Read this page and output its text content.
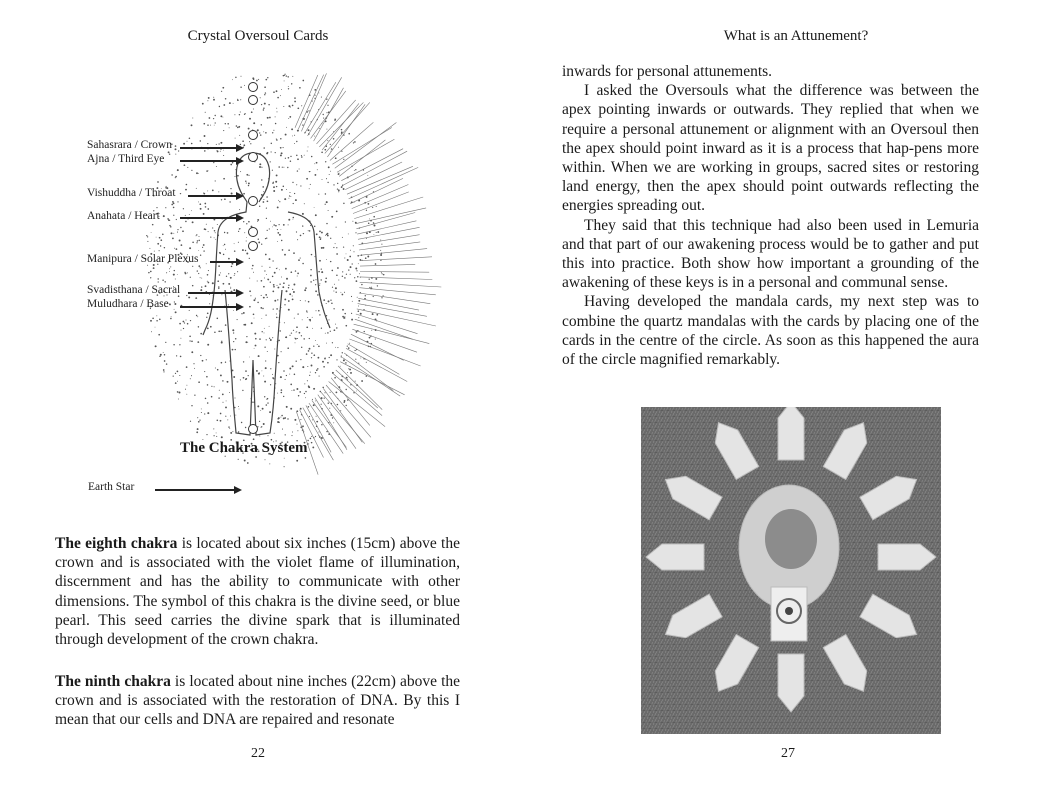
Crystal Oversoul Cards
Sahasrara / Crown
Ajna / Third Eye
Vishuddha / Throat
Anahata / Heart
Manipura / Solar Plexus
Svadisthana / Sacral
Muludhara / Base
The Chakra System
Earth Star
The eighth chakra is located about six inches (15cm) above the crown and is associated with the violet flame of illumination, discernment and has the ability to communicate with other dimensions. The symbol of this chakra is the divine seed, or blue pearl. This seed carries the divine spark that is illuminated through development of the crown chakra.
The ninth chakra is located about nine inches (22cm) above the crown and is associated with the restoration of DNA. By this I mean that our cells and DNA are repaired and resonate
22
What is an Attunement?

inwards for personal attunements.

I asked the Oversouls what the difference was between the apex pointing inwards or outwards. They replied that when we require a personal attunement or alignment with an Oversoul then the apex should point inward as it is a process that hap-pens more within. When we are working in groups, sacred sites or restoring land energy, then the apex should point outwards reflecting the energies spreading out.

They said that this technique had also been used in Lemuria and that part of our awakening process would be to gather and put this into practice. Both show how important a grounding of the awakening of these keys is in a personal and communal sense.

Having developed the mandala cards, my next step was to combine the quartz mandalas with the cards by placing one of the cards in the centre of the circle. As soon as this happened the aura of the circle magnified remarkably.

27
